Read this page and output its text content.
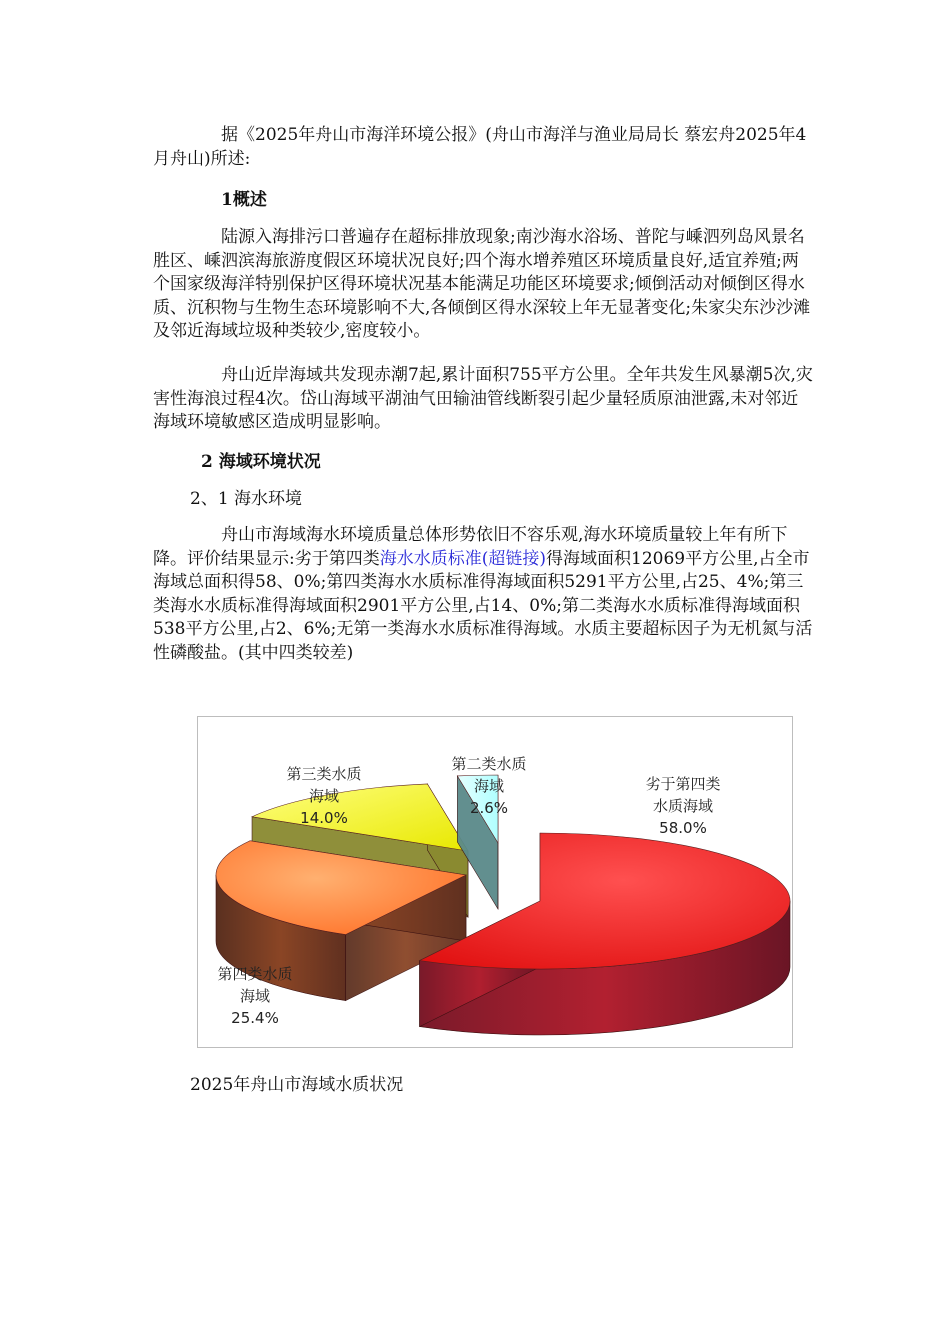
据《2025年舟山市海洋环境公报》(舟山市海洋与渔业局局长 蔡宏舟2025年4月舟山)所述:

1概述

陆源入海排污口普遍存在超标排放现象;南沙海水浴场、普陀与嵊泗列岛风景名胜区、嵊泗滨海旅游度假区环境状况良好;四个海水增养殖区环境质量良好,适宜养殖;两个国家级海洋特别保护区得环境状况基本能满足功能区环境要求;倾倒活动对倾倒区得水质、沉积物与生物生态环境影响不大,各倾倒区得水深较上年无显著变化;朱家尖东沙沙滩及邻近海域垃圾种类较少,密度较小。

舟山近岸海域共发现赤潮7起,累计面积755平方公里。全年共发生风暴潮5次,灾害性海浪过程4次。岱山海域平湖油气田输油管线断裂引起少量轻质原油泄露,未对邻近海域环境敏感区造成明显影响。

2 海域环境状况
2、1 海水环境

舟山市海域海水环境质量总体形势依旧不容乐观,海水环境质量较上年有所下降。评价结果显示:劣于第四类海水水质标准(超链接)得海域面积12069平方公里,占全市海域总面积得58、0%;第四类海水水质标准得海域面积5291平方公里,占25、4%;第三类海水水质标准得海域面积2901平方公里,占14、0%;第二类海水水质标准得海域面积538平方公里,占2、6%;无第一类海水水质标准得海域。水质主要超标因子为无机氮与活性磷酸盐。(其中四类较差)

劣于第四类水质海域 58.0%
第四类水质海域 25.4%
第三类水质海域 14.0%
第二类水质海域 2.6%
2025年舟山市海域水质状况
